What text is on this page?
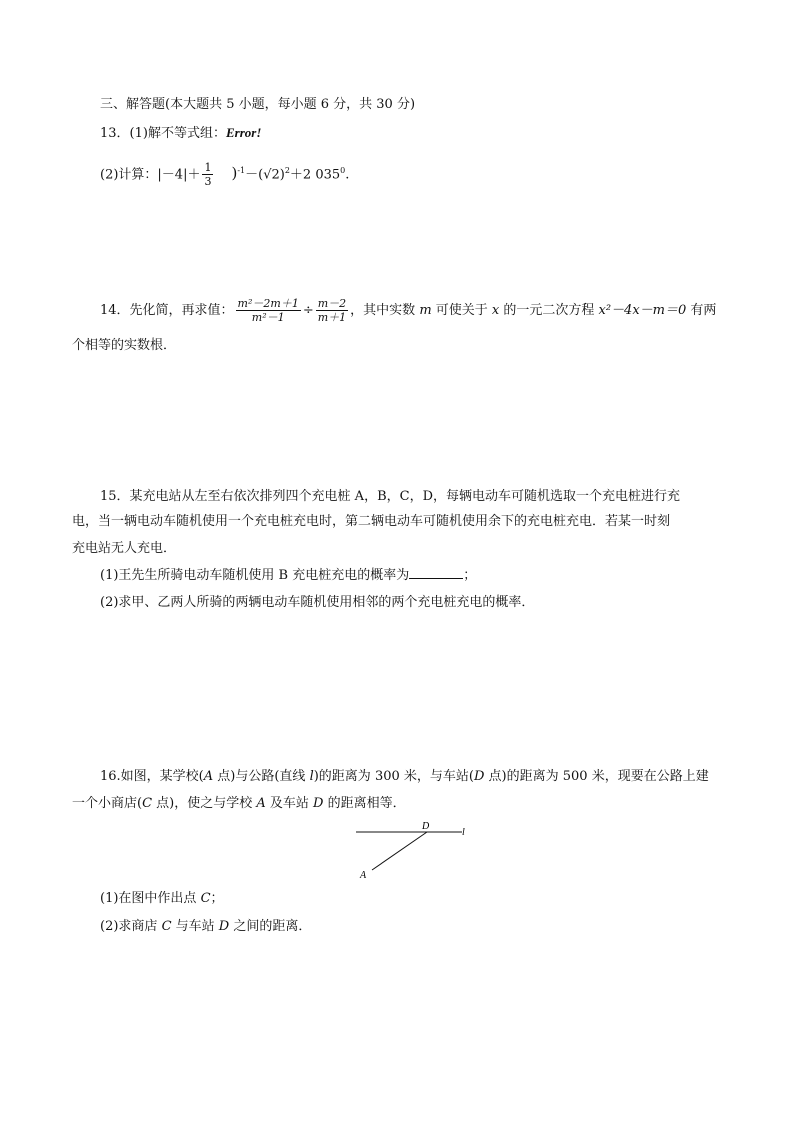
三、解答题(本大题共 5 小题，每小题 6 分，共 30 分)
13．(1)解不等式组：Error!
(2)计算：$|-4|+ \frac{1}{3} )^{-1}-(√2)^2+2$ $035^0$.
14．先化简，再求值： $\frac{\text{m²－2m＋1}}{\text{m²－1}} \div \frac{m-2}{m+1}$ ，其中实数 m 可使关于 x 的一元二次方程 x²－4x－m＝0 有两
个相等的实数根．
15．某充电站从左至右依次排列四个充电桩 A，B，C，D，每辆电动车可随机选取一个充电桩进行充
电，当一辆电动车随机使用一个充电桩充电时，第二辆电动车可随机使用余下的充电桩充电．若某一时刻
充电站无人充电．
(1)王先生所骑电动车随机使用 B 充电桩充电的概率为	；
(2)求甲、乙两人所骑的两辆电动车随机使用相邻的两个充电桩充电的概率．
16.如图，某学校(A 点)与公路(直线 l)的距离为 300 米，与车站(D 点)的距离为 500 米，现要在公路上建
一个小商店(C 点)，使之与学校 A 及车站 D 的距离相等．
D
l
A
(1)在图中作出点 C；
(2)求商店 C 与车站 D 之间的距离．
